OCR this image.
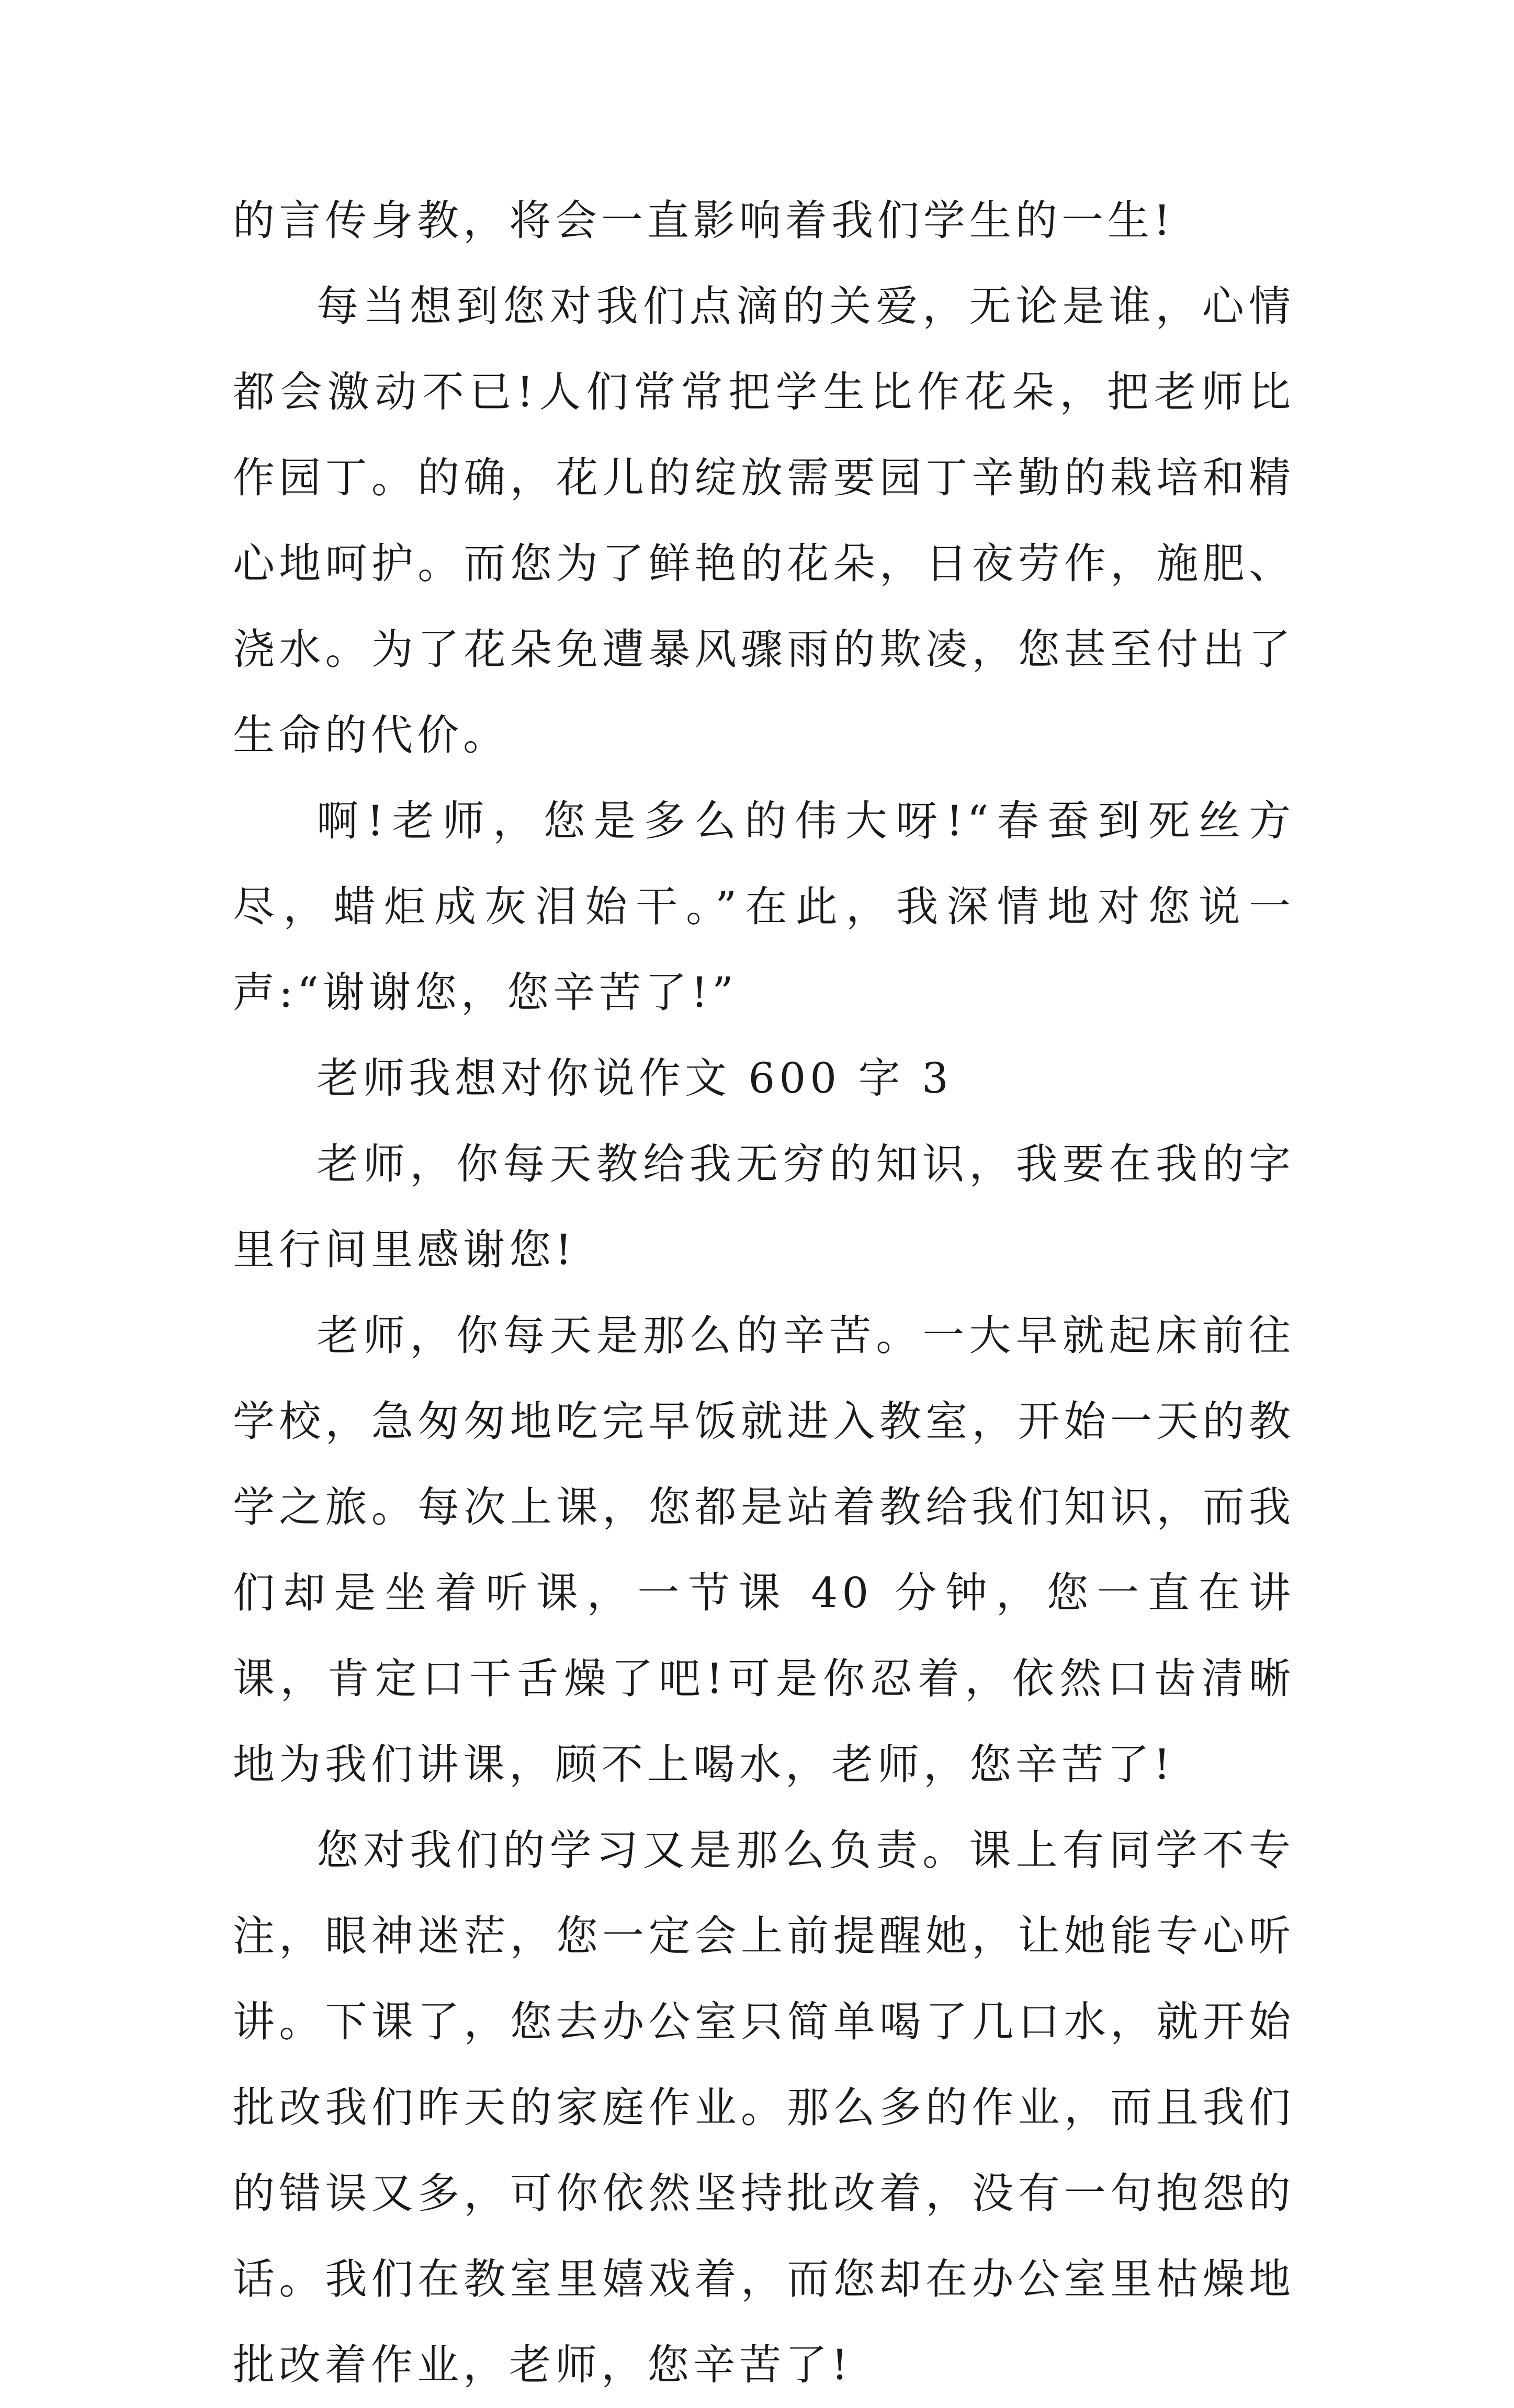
的言传身教，将会一直影响着我们学生的一生!

每当想到您对我们点滴的关爱，无论是谁，心情都会激动不已!人们常常把学生比作花朵，把老师比作园丁。的确，花儿的绽放需要园丁辛勤的栽培和精心地呵护。而您为了鲜艳的花朵，日夜劳作，施肥、浇水。为了花朵免遭暴风骤雨的欺凌，您甚至付出了生命的代价。

啊!老师，您是多么的伟大呀!“春蚕到死丝方尽，蜡炬成灰泪始干。”在此，我深情地对您说一声:“谢谢您，您辛苦了!”

老师我想对你说作文 600 字 3

老师，你每天教给我无穷的知识，我要在我的字里行间里感谢您!

老师，你每天是那么的辛苦。一大早就起床前往学校，急匆匆地吃完早饭就进入教室，开始一天的教学之旅。每次上课，您都是站着教给我们知识，而我们却是坐着听课，一节课 40 分钟，您一直在讲课，肯定口干舌燥了吧!可是你忍着，依然口齿清晰地为我们讲课，顾不上喝水，老师，您辛苦了!

您对我们的学习又是那么负责。课上有同学不专注，眼神迷茫，您一定会上前提醒她，让她能专心听讲。下课了，您去办公室只简单喝了几口水，就开始批改我们昨天的家庭作业。那么多的作业，而且我们的错误又多，可你依然坚持批改着，没有一句抱怨的话。我们在教室里嬉戏着，而您却在办公室里枯燥地批改着作业，老师，您辛苦了!
